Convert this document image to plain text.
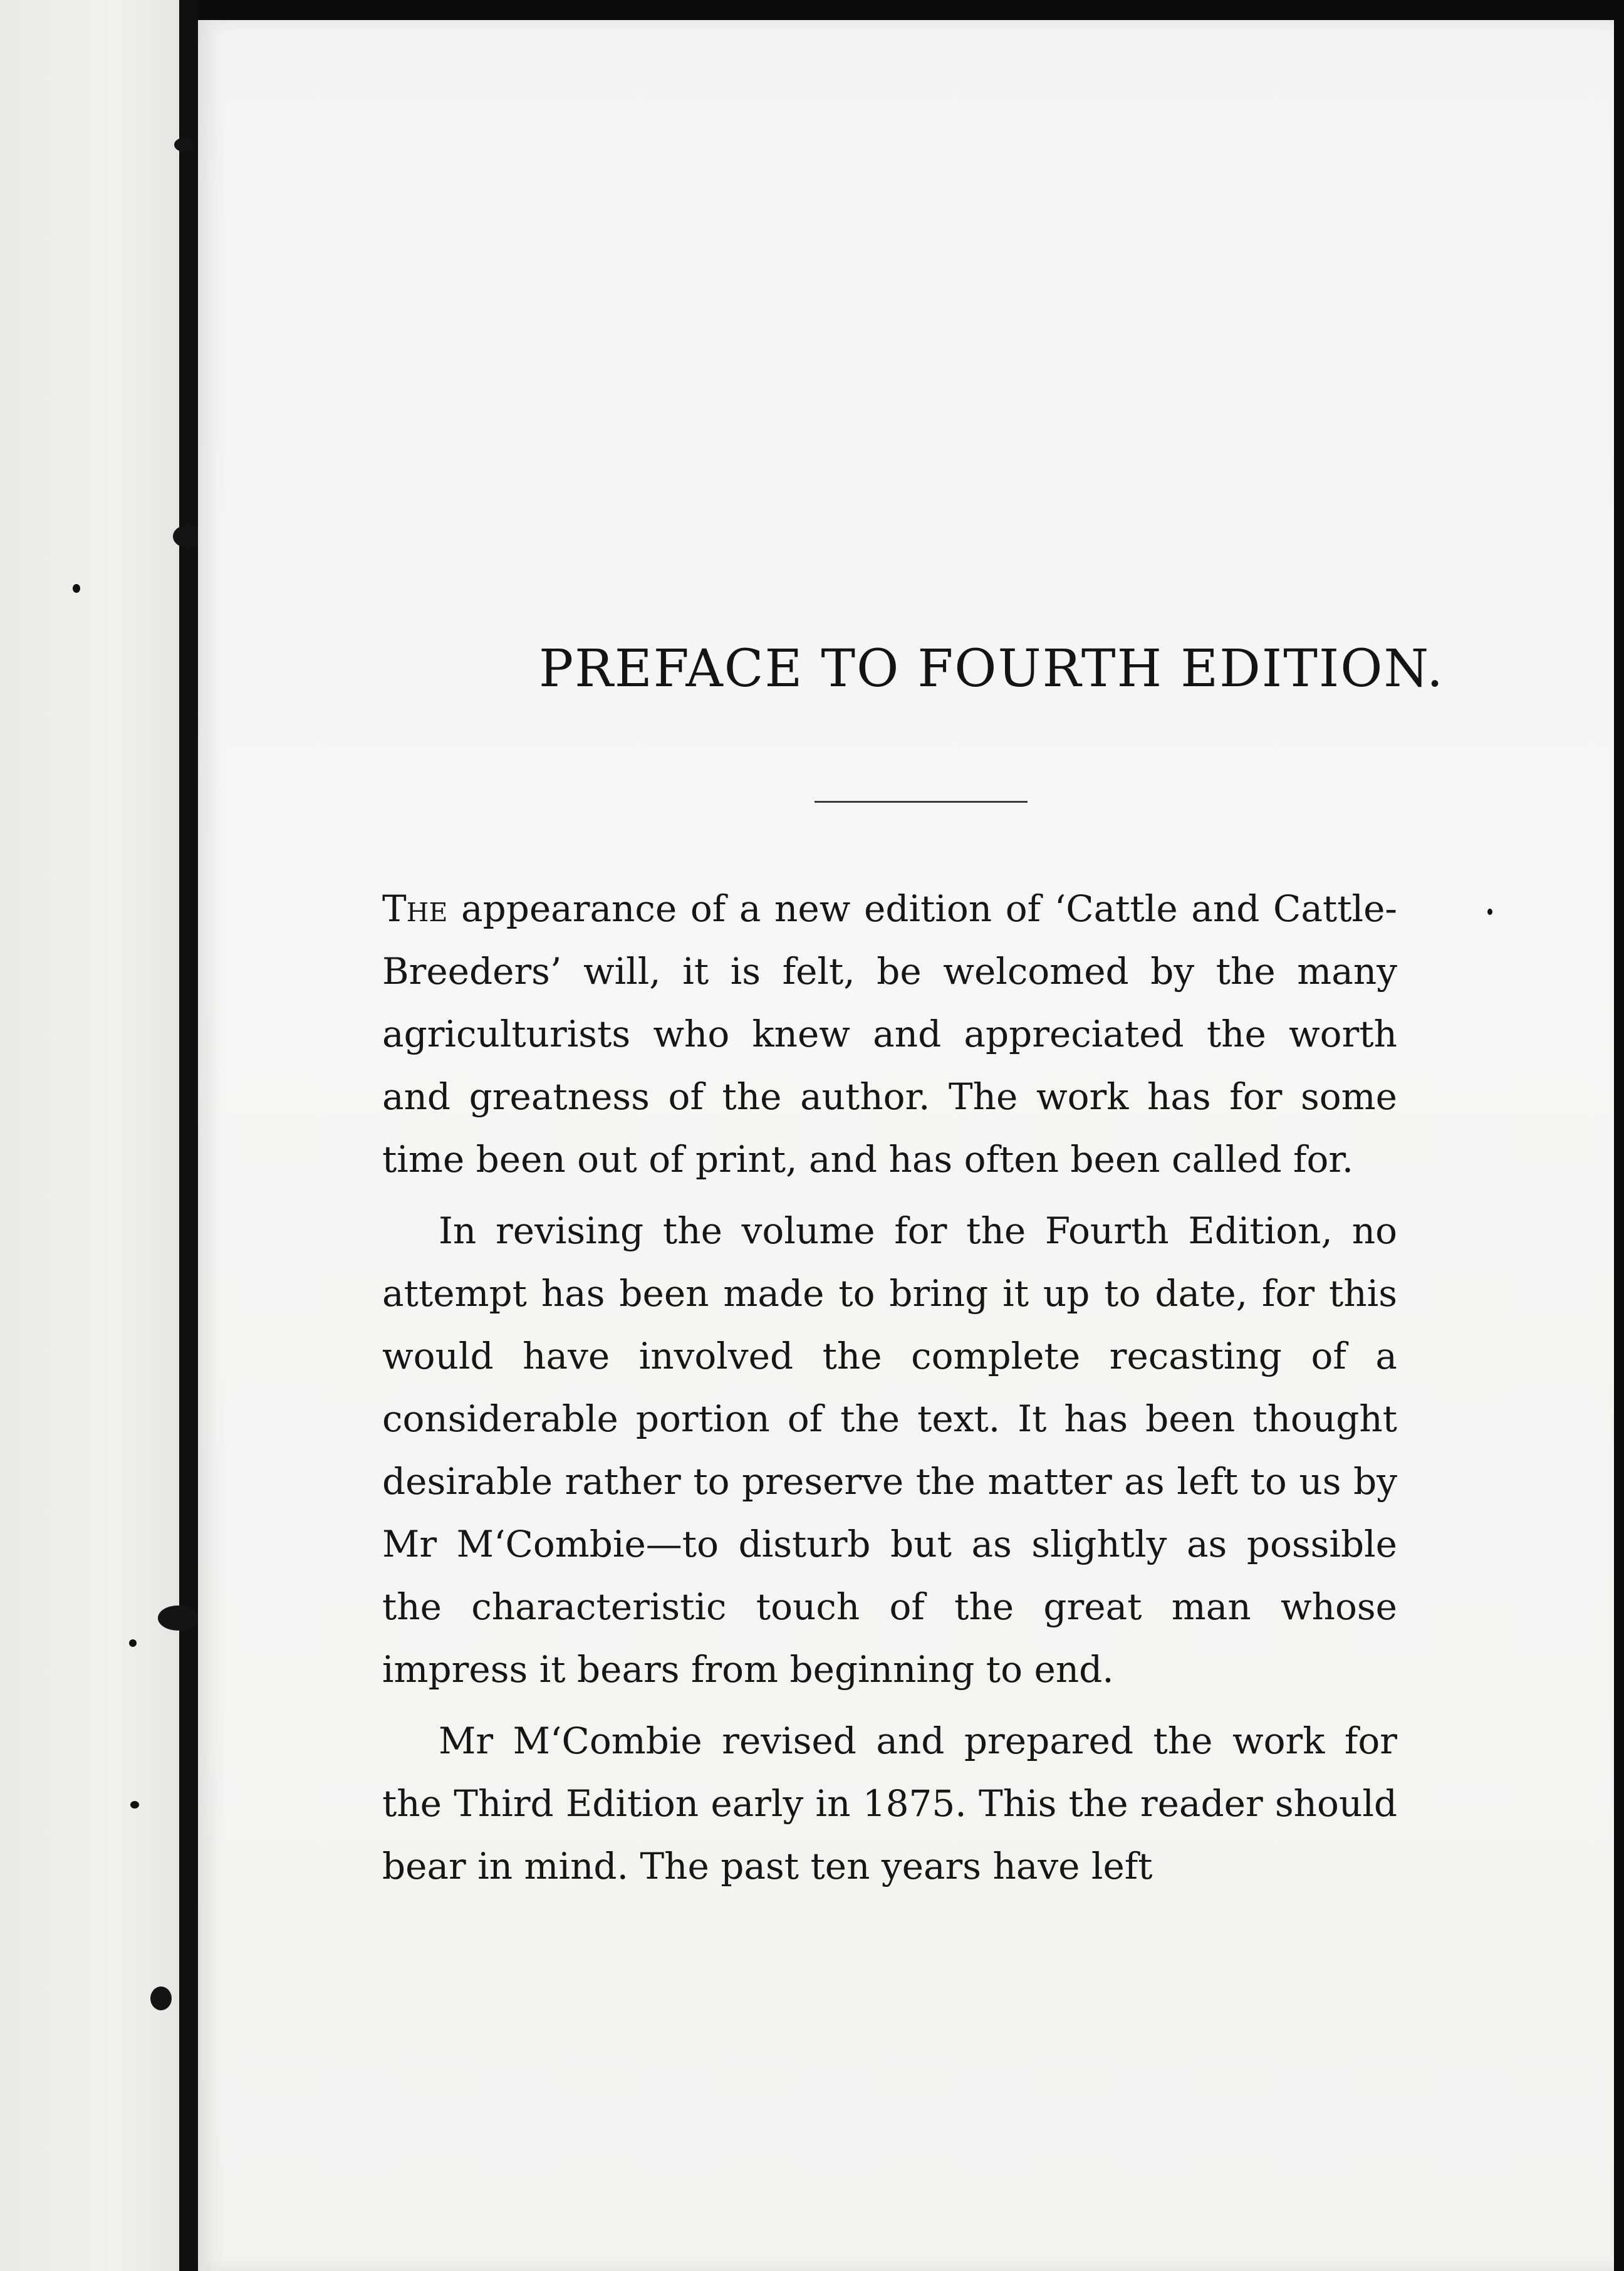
PREFACE TO FOURTH EDITION.

The appearance of a new edition of ‘Cattle and Cattle-Breeders’ will, it is felt, be welcomed by the many agriculturists who knew and appreciated the worth and greatness of the author. The work has for some time been out of print, and has often been called for.

In revising the volume for the Fourth Edition, no attempt has been made to bring it up to date, for this would have involved the complete recasting of a considerable portion of the text. It has been thought desirable rather to preserve the matter as left to us by Mr M‘Combie—to disturb but as slightly as possible the characteristic touch of the great man whose impress it bears from beginning to end.

Mr M‘Combie revised and prepared the work for the Third Edition early in 1875. This the reader should bear in mind. The past ten years have left
